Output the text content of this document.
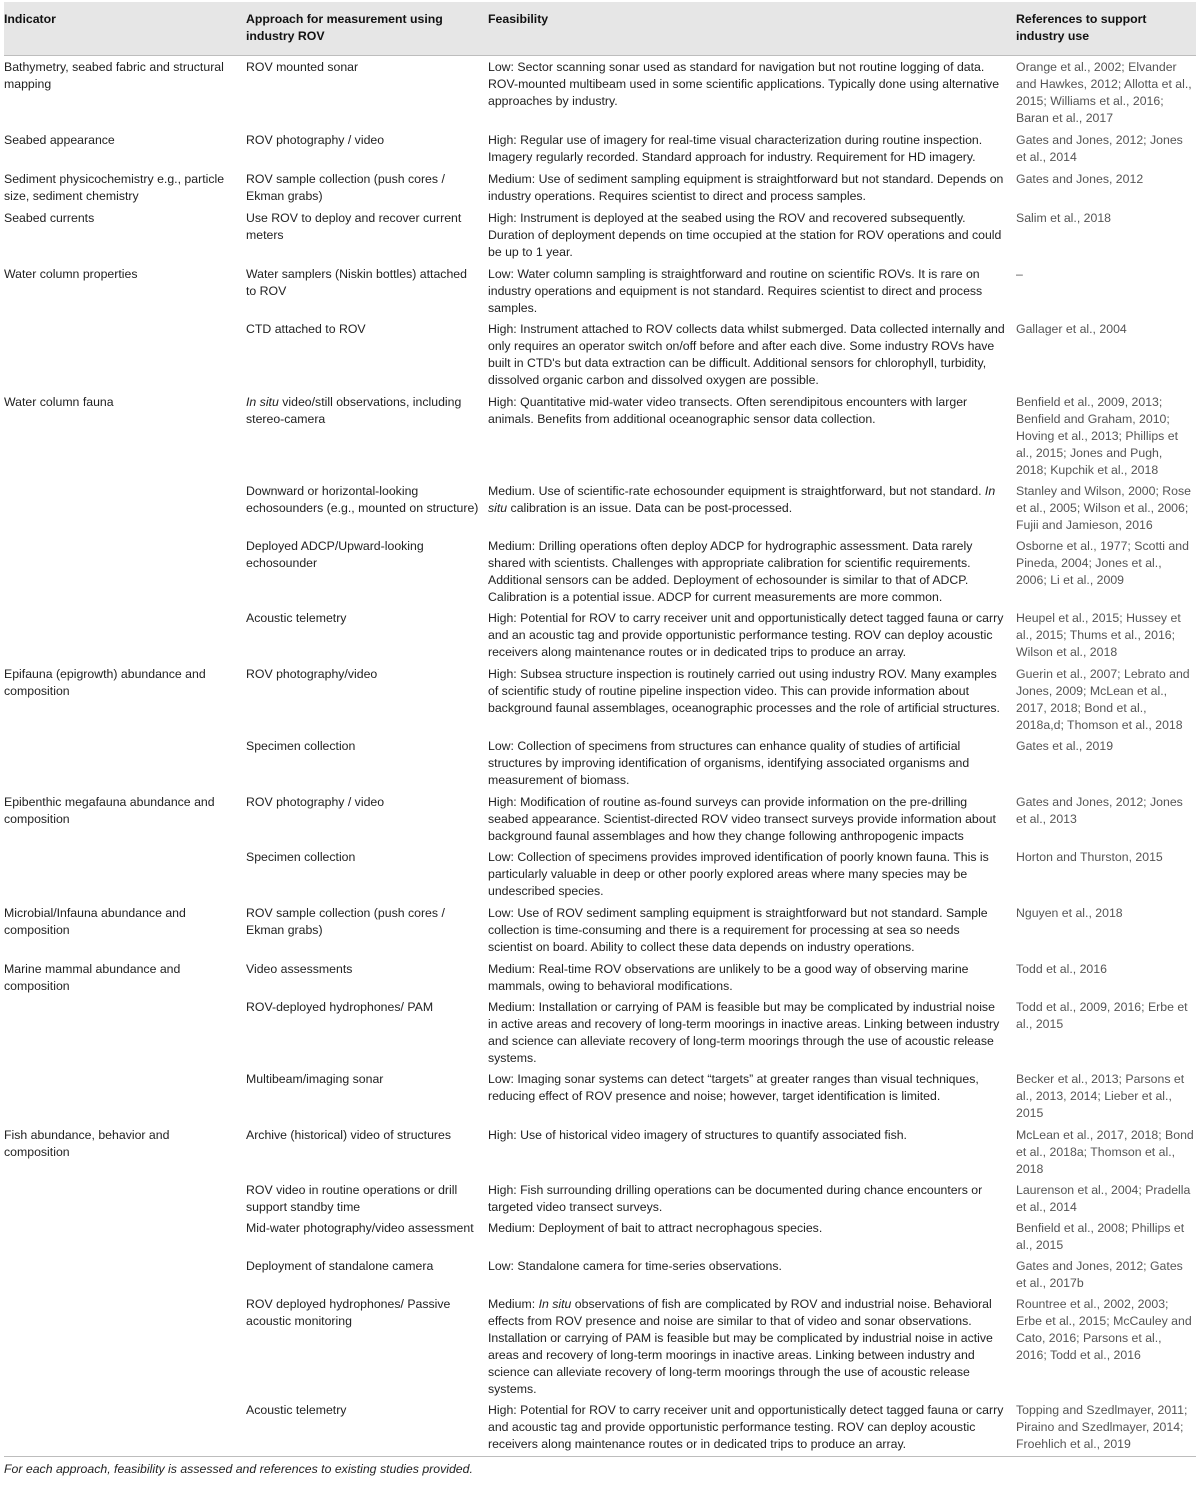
Indicator	Approach for measurement using industry ROV	Feasibility	References to support industry use
Bathymetry, seabed fabric and structural mapping	ROV mounted sonar	Low: Sector scanning sonar used as standard for navigation but not routine logging of data. ROV-mounted multibeam used in some scientific applications. Typically done using alternative approaches by industry.	Orange et al., 2002; Elvander and Hawkes, 2012; Allotta et al., 2015; Williams et al., 2016; Baran et al., 2017
Seabed appearance	ROV photography / video	High: Regular use of imagery for real-time visual characterization during routine inspection. Imagery regularly recorded. Standard approach for industry. Requirement for HD imagery.	Gates and Jones, 2012; Jones et al., 2014
Sediment physicochemistry e.g., particle size, sediment chemistry	ROV sample collection (push cores / Ekman grabs)	Medium: Use of sediment sampling equipment is straightforward but not standard. Depends on industry operations. Requires scientist to direct and process samples.	Gates and Jones, 2012
Seabed currents	Use ROV to deploy and recover current meters	High: Instrument is deployed at the seabed using the ROV and recovered subsequently. Duration of deployment depends on time occupied at the station for ROV operations and could be up to 1 year.	Salim et al., 2018
Water column properties	Water samplers (Niskin bottles) attached to ROV	Low: Water column sampling is straightforward and routine on scientific ROVs. It is rare on industry operations and equipment is not standard. Requires scientist to direct and process samples.	–
	CTD attached to ROV	High: Instrument attached to ROV collects data whilst submerged. Data collected internally and only requires an operator switch on/off before and after each dive. Some industry ROVs have built in CTD's but data extraction can be difficult. Additional sensors for chlorophyll, turbidity, dissolved organic carbon and dissolved oxygen are possible.	Gallager et al., 2004
Water column fauna	In situ video/still observations, including stereo-camera	High: Quantitative mid-water video transects. Often serendipitous encounters with larger animals. Benefits from additional oceanographic sensor data collection.	Benfield et al., 2009, 2013; Benfield and Graham, 2010; Hoving et al., 2013; Phillips et al., 2015; Jones and Pugh, 2018; Kupchik et al., 2018
	Downward or horizontal-looking echosounders (e.g., mounted on structure)	Medium. Use of scientific-rate echosounder equipment is straightforward, but not standard. In situ calibration is an issue. Data can be post-processed.	Stanley and Wilson, 2000; Rose et al., 2005; Wilson et al., 2006; Fujii and Jamieson, 2016
	Deployed ADCP/Upward-looking echosounder	Medium: Drilling operations often deploy ADCP for hydrographic assessment. Data rarely shared with scientists. Challenges with appropriate calibration for scientific requirements. Additional sensors can be added. Deployment of echosounder is similar to that of ADCP. Calibration is a potential issue. ADCP for current measurements are more common.	Osborne et al., 1977; Scotti and Pineda, 2004; Jones et al., 2006; Li et al., 2009
	Acoustic telemetry	High: Potential for ROV to carry receiver unit and opportunistically detect tagged fauna or carry and an acoustic tag and provide opportunistic performance testing. ROV can deploy acoustic receivers along maintenance routes or in dedicated trips to produce an array.	Heupel et al., 2015; Hussey et al., 2015; Thums et al., 2016; Wilson et al., 2018
Epifauna (epigrowth) abundance and composition	ROV photography/video	High: Subsea structure inspection is routinely carried out using industry ROV. Many examples of scientific study of routine pipeline inspection video. This can provide information about background faunal assemblages, oceanographic processes and the role of artificial structures.	Guerin et al., 2007; Lebrato and Jones, 2009; McLean et al., 2017, 2018; Bond et al., 2018a,d; Thomson et al., 2018
	Specimen collection	Low: Collection of specimens from structures can enhance quality of studies of artificial structures by improving identification of organisms, identifying associated organisms and measurement of biomass.	Gates et al., 2019
Epibenthic megafauna abundance and composition	ROV photography / video	High: Modification of routine as-found surveys can provide information on the pre-drilling seabed appearance. Scientist-directed ROV video transect surveys provide information about background faunal assemblages and how they change following anthropogenic impacts	Gates and Jones, 2012; Jones et al., 2013
	Specimen collection	Low: Collection of specimens provides improved identification of poorly known fauna. This is particularly valuable in deep or other poorly explored areas where many species may be undescribed species.	Horton and Thurston, 2015
Microbial/Infauna abundance and composition	ROV sample collection (push cores / Ekman grabs)	Low: Use of ROV sediment sampling equipment is straightforward but not standard. Sample collection is time-consuming and there is a requirement for processing at sea so needs scientist on board. Ability to collect these data depends on industry operations.	Nguyen et al., 2018
Marine mammal abundance and composition	Video assessments	Medium: Real-time ROV observations are unlikely to be a good way of observing marine mammals, owing to behavioral modifications.	Todd et al., 2016
	ROV-deployed hydrophones/ PAM	Medium: Installation or carrying of PAM is feasible but may be complicated by industrial noise in active areas and recovery of long-term moorings in inactive areas. Linking between industry and science can alleviate recovery of long-term moorings through the use of acoustic release systems.	Todd et al., 2009, 2016; Erbe et al., 2015
	Multibeam/imaging sonar	Low: Imaging sonar systems can detect “targets” at greater ranges than visual techniques, reducing effect of ROV presence and noise; however, target identification is limited.	Becker et al., 2013; Parsons et al., 2013, 2014; Lieber et al., 2015
Fish abundance, behavior and composition	Archive (historical) video of structures	High: Use of historical video imagery of structures to quantify associated fish.	McLean et al., 2017, 2018; Bond et al., 2018a; Thomson et al., 2018
	ROV video in routine operations or drill support standby time	High: Fish surrounding drilling operations can be documented during chance encounters or targeted video transect surveys.	Laurenson et al., 2004; Pradella et al., 2014
	Mid-water photography/video assessment	Medium: Deployment of bait to attract necrophagous species.	Benfield et al., 2008; Phillips et al., 2015
	Deployment of standalone camera	Low: Standalone camera for time-series observations.	Gates and Jones, 2012; Gates et al., 2017b
	ROV deployed hydrophones/ Passive acoustic monitoring	Medium: In situ observations of fish are complicated by ROV and industrial noise. Behavioral effects from ROV presence and noise are similar to that of video and sonar observations. Installation or carrying of PAM is feasible but may be complicated by industrial noise in active areas and recovery of long-term moorings in inactive areas. Linking between industry and science can alleviate recovery of long-term moorings through the use of acoustic release systems.	Rountree et al., 2002, 2003; Erbe et al., 2015; McCauley and Cato, 2016; Parsons et al., 2016; Todd et al., 2016
	Acoustic telemetry	High: Potential for ROV to carry receiver unit and opportunistically detect tagged fauna or carry and acoustic tag and provide opportunistic performance testing. ROV can deploy acoustic receivers along maintenance routes or in dedicated trips to produce an array.	Topping and Szedlmayer, 2011; Piraino and Szedlmayer, 2014; Froehlich et al., 2019
For each approach, feasibility is assessed and references to existing studies provided.
